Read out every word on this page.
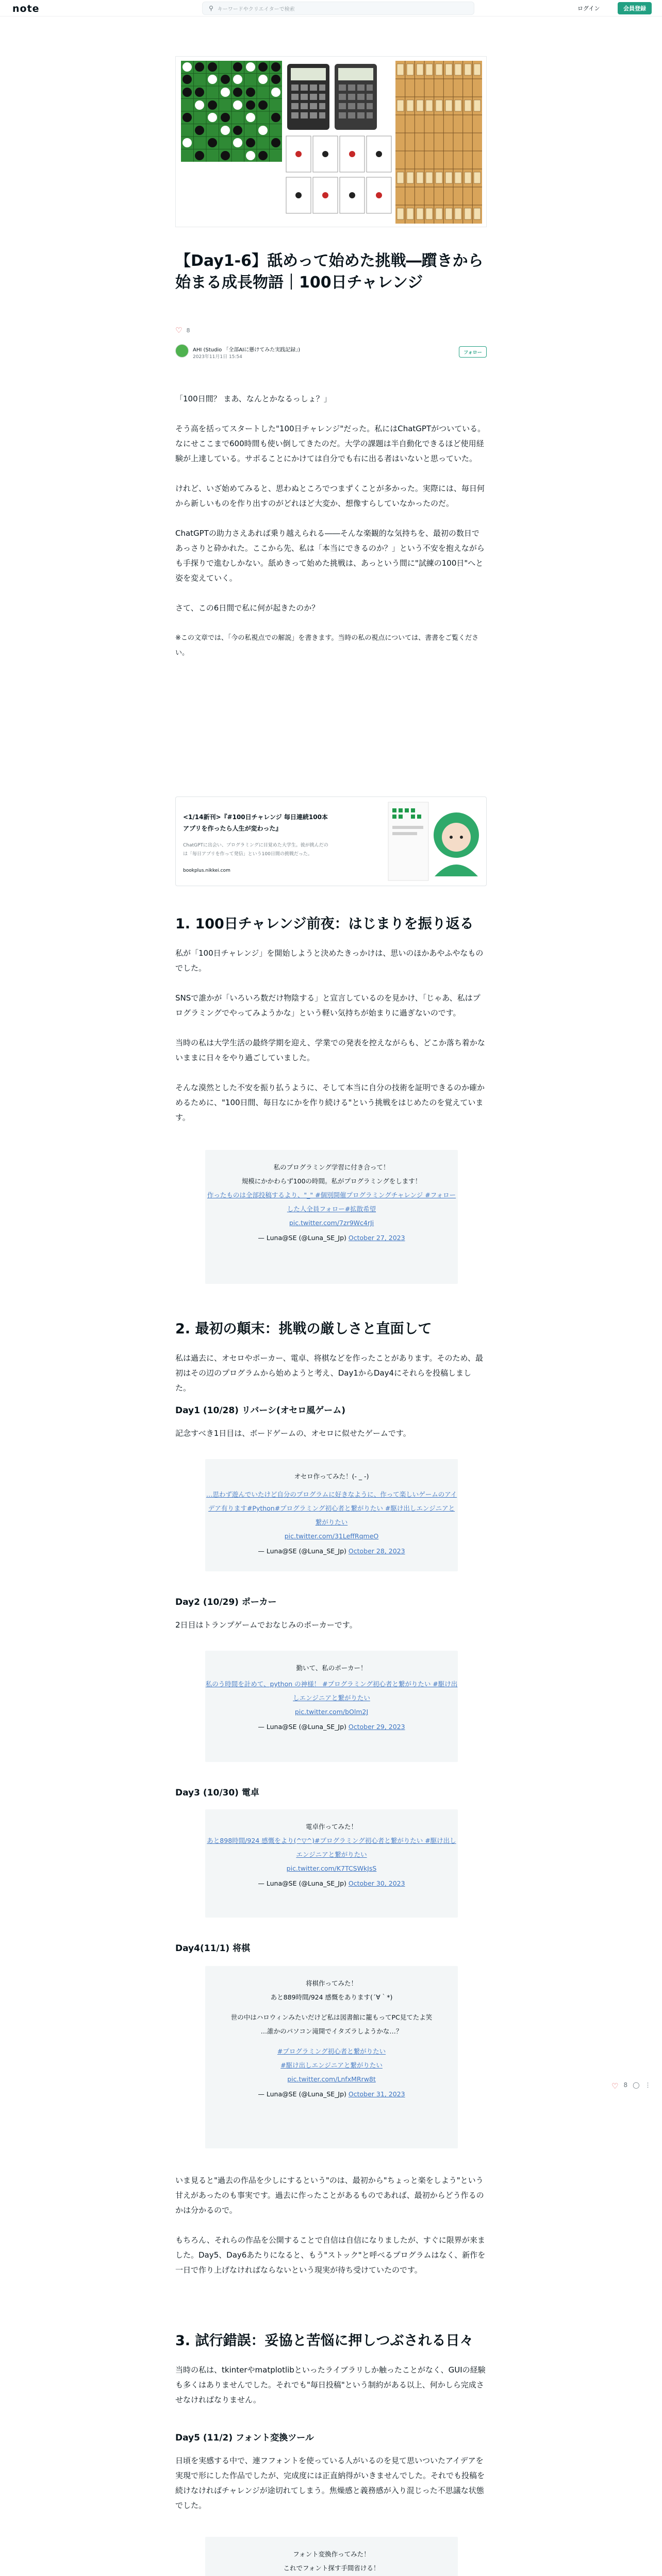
note	⚲ キーワードやクリエイターで検索	ログイン	会員登録
【Day1-6】舐めって始めた挑戦―躓きから始まる成長物語｜100日チャレンジ
♡ 8
AHI (Studio 「全部AIに懸けてみた実践記録」)
2023年11月1日 15:54
フォロー

「100日間？ まあ、なんとかなるっしょ？」

そう高を括ってスタートした"100日チャレンジ"だった。私にはChatGPTがついている。なにせここまで600時間も使い倒してきたのだ。大学の課題は半自動化できるほど使用経験が上達している。サポることにかけては自分でも右に出る者はいないと思っていた。

けれど、いざ始めてみると、思わぬところでつまずくことが多かった。実際には、毎日何から新しいものを作り出すのがどれほど大変か、想像すらしていなかったのだ。

ChatGPTの助力さえあれば乗り越えられる――そんな楽観的な気持ちを、最初の数日であっさりと砕かれた。ここから先、私は「本当にできるのか？」という不安を抱えながらも手探りで進むしかない。舐めきって始めた挑戦は、あっという間に"試練の100日"へと姿を変えていく。

さて、この6日間で私に何が起きたのか？

※この文章では、「今の私視点での解説」を書きます。当時の私の視点については、書書をご覧ください。

<1/14新刊>『#100日チャレンジ 毎日連続100本アプリを作ったら人生が変わった』
ChatGPTに出会い、プログラミングに目覚めた大学生。彼が挑んだのは「毎日アプリを作って発信」という100日間の挑戦だった。
bookplus.nikkei.com
1. 100日チャレンジ前夜：はじまりを振り返る

私が「100日チャレンジ」を開始しようと決めたきっかけは、思いのほかあやふやなものでした。

SNSで誰かが「いろいろ数だけ物陰する」と宣言しているのを見かけ、「じゃあ、私はプログラミングでやってみようかな」という軽い気持ちが始まりに過ぎないのです。

当時の私は大学生活の最終学期を迎え、学業での発表を控えながらも、どこか落ち着かないままに日々をやり過ごしていました。

そんな漠然とした不安を振り払うように、そして本当に自分の技術を証明できるのか確かめるために、"100日間、毎日なにかを作り続ける"という挑戦をはじめたのを覚えています。

私のプログラミング学習に付き合って！
規模にかかわらず100の時間。私がプログラミングをします！
作ったものは全部投稿するより、"_" #個別開催プログラミングチャレンジ #フォローした人全員フォロー#拡散希望
pic.twitter.com/7zr9Wc4rJi
— Luna@SE (@Luna_SE_Jp) October 27, 2023
2. 最初の顛末：挑戦の厳しさと直面して

私は過去に、オセロやポーカー、電卓、将棋などを作ったことがあります。そのため、最初はその辺のプログラムから始めようと考え、Day1からDay4にそれらを投稿しました。

Day1 (10/28) リバーシ(オセロ風ゲーム)

記念すべき1日目は、ボードゲームの、オセロに似せたゲームです。

オセロ作ってみた！(- _ -)
…思わず遊んでいたけど自分のプログラムに好きなように、作って楽しいゲームのアイデア有ります#Python#プログラミング初心者と繋がりたい #駆け出しエンジニアと繋がりたい
pic.twitter.com/31LeffRqmeO
— Luna@SE (@Luna_SE_Jp) October 28, 2023
Day2 (10/29) ポーカー

2日目はトランプゲームでおなじみのポーカーです。

勤いて、私のポーカー！
私のう時間を計めて、python の神様！ #プログラミング初心者と繋がりたい #駆け出しエンジニアと繋がりたい
pic.twitter.com/bOlm2J
— Luna@SE (@Luna_SE_Jp) October 29, 2023
Day3 (10/30) 電卓
電卓作ってみた！
あと898時間/924 感慨をより(^▽^)#プログラミング初心者と繋がりたい #駆け出しエンジニアと繋がりたい
pic.twitter.com/K7TCSWkJsS
— Luna@SE (@Luna_SE_Jp) October 30, 2023
Day4(11/1) 将棋
将棋作ってみた！
あと889時間/924 感慨をあります(´∀｀*)
世の中はハロウィンみたいだけど私は図書館に籠もってPC見てたよ笑
…誰かのパソコン滝開でイタズラしようかな…？
#プログラミング初心者と繋がりたい
#駆け出しエンジニアと繋がりたい
pic.twitter.com/LnfxMRrw8t
— Luna@SE (@Luna_SE_Jp) October 31, 2023

いま見ると"過去の作品を少しにするという"のは、最初から"ちょっと楽をしよう"という甘えがあったのも事実です。過去に作ったことがあるものであれば、最初からどう作るのかは分かるので。

もちろん、それらの作品を公開することで自信は自信になりましたが、すぐに限界が来ました。Day5、Day6あたりになると、もう"ストック"と呼べるプログラムはなく、新作を一日で作り上げなければならないという現実が待ち受けていたのです。

3. 試行錯誤：妥協と苦悩に押しつぶされる日々

当時の私は、tkinterやmatplotlibといったライブラリしか触ったことがなく、GUIの経験も多くはありませんでした。それでも"毎日投稿"という制約がある以上、何かしら完成させなければなりません。

Day5 (11/2) フォント変換ツール

日頃を実感する中で、連フフォントを使っている人がいるのを見て思いついたアイデアを実現で形にした作品でしたが、完成度には正直納得がいきませんでした。それでも投稿を続けなければチャレンジが途切れてしまう。焦燥感と義務感が入り混じった不思議な状態でした。

フォント変換作ってみた！
これでフォント探す手間省ける！

♡ 8 ◯ ⋮
